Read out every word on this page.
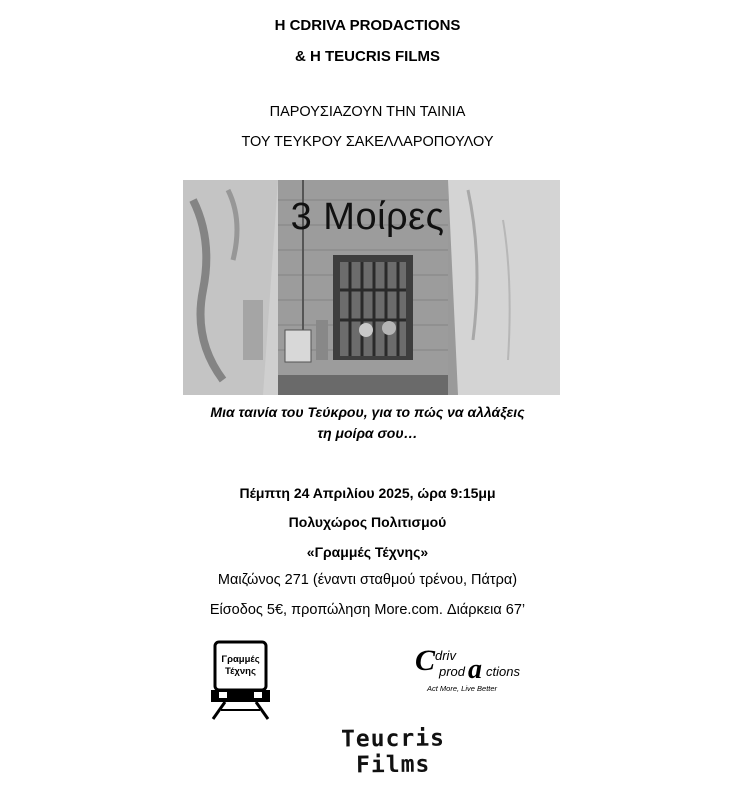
Η CDRIVA PRODACTIONS
& Η TEUCRIS FILMS
ΠΑΡΟΥΣΙΑΖΟΥΝ ΤΗΝ ΤΑΙΝΙΑ
ΤΟΥ ΤΕΥΚΡΟΥ ΣΑΚΕΛΛΑΡΟΠΟΥΛΟΥ
3 Μοίρες
Μια ταινία του Τεύκρου, για το πώς να αλλάξεις
τη μοίρα σου…
Πέμπτη 24 Απριλίου 2025, ώρα 9:15μμ
Πολυχώρος Πολιτισμού
«Γραμμές Τέχνης»
Μαιζώνος 271 (έναντι σταθμού τρένου, Πάτρα)
Είσοδος 5€, προπώληση More.com. Διάρκεια 67’
Γραμμές
Τέχνης	C driv
prod a ctions
Act More, Live Better
Teucris Films
